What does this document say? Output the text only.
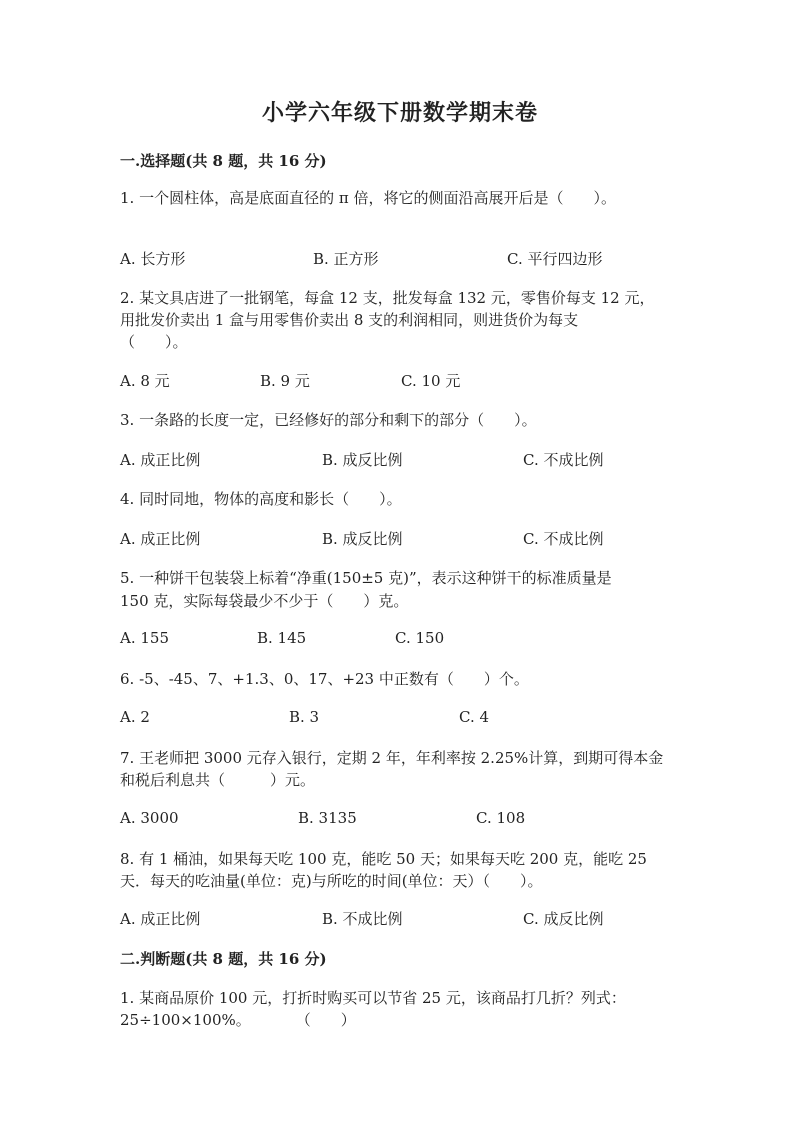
小学六年级下册数学期末卷
一.选择题(共 8 题，共 16 分)
1. 一个圆柱体，高是底面直径的 π 倍，将它的侧面沿高展开后是（　　）。
A. 长方形	B. 正方形	C. 平行四边形
2. 某文具店进了一批钢笔，每盒 12 支，批发每盒 132 元，零售价每支 12 元，
用批发价卖出 1 盒与用零售价卖出 8 支的利润相同，则进货价为每支
（　　）。
A. 8 元	B. 9 元	C. 10 元
3. 一条路的长度一定，已经修好的部分和剩下的部分（　　）。
A. 成正比例	B. 成反比例	C. 不成比例
4. 同时同地，物体的高度和影长（　　）。
A. 成正比例	B. 成反比例	C. 不成比例
5. 一种饼干包装袋上标着“净重(150±5 克)”，表示这种饼干的标准质量是
150 克，实际每袋最少不少于（　　）克。
A. 155	B. 145	C. 150
6. -5、-45、7、+1.3、0、17、+23 中正数有（　　）个。
A. 2	B. 3	C. 4
7. 王老师把 3000 元存入银行，定期 2 年，年利率按 2.25%计算，到期可得本金
和税后利息共（　　　）元。
A. 3000	B. 3135	C. 108
8. 有 1 桶油，如果每天吃 100 克，能吃 50 天；如果每天吃 200 克，能吃 25
天．每天的吃油量(单位：克)与所吃的时间(单位：天）（　　）。
A. 成正比例	B. 不成比例	C. 成反比例
二.判断题(共 8 题，共 16 分)
1. 某商品原价 100 元，打折时购买可以节省 25 元，该商品打几折？列式：
25÷100×100%。　　　　（　　）
